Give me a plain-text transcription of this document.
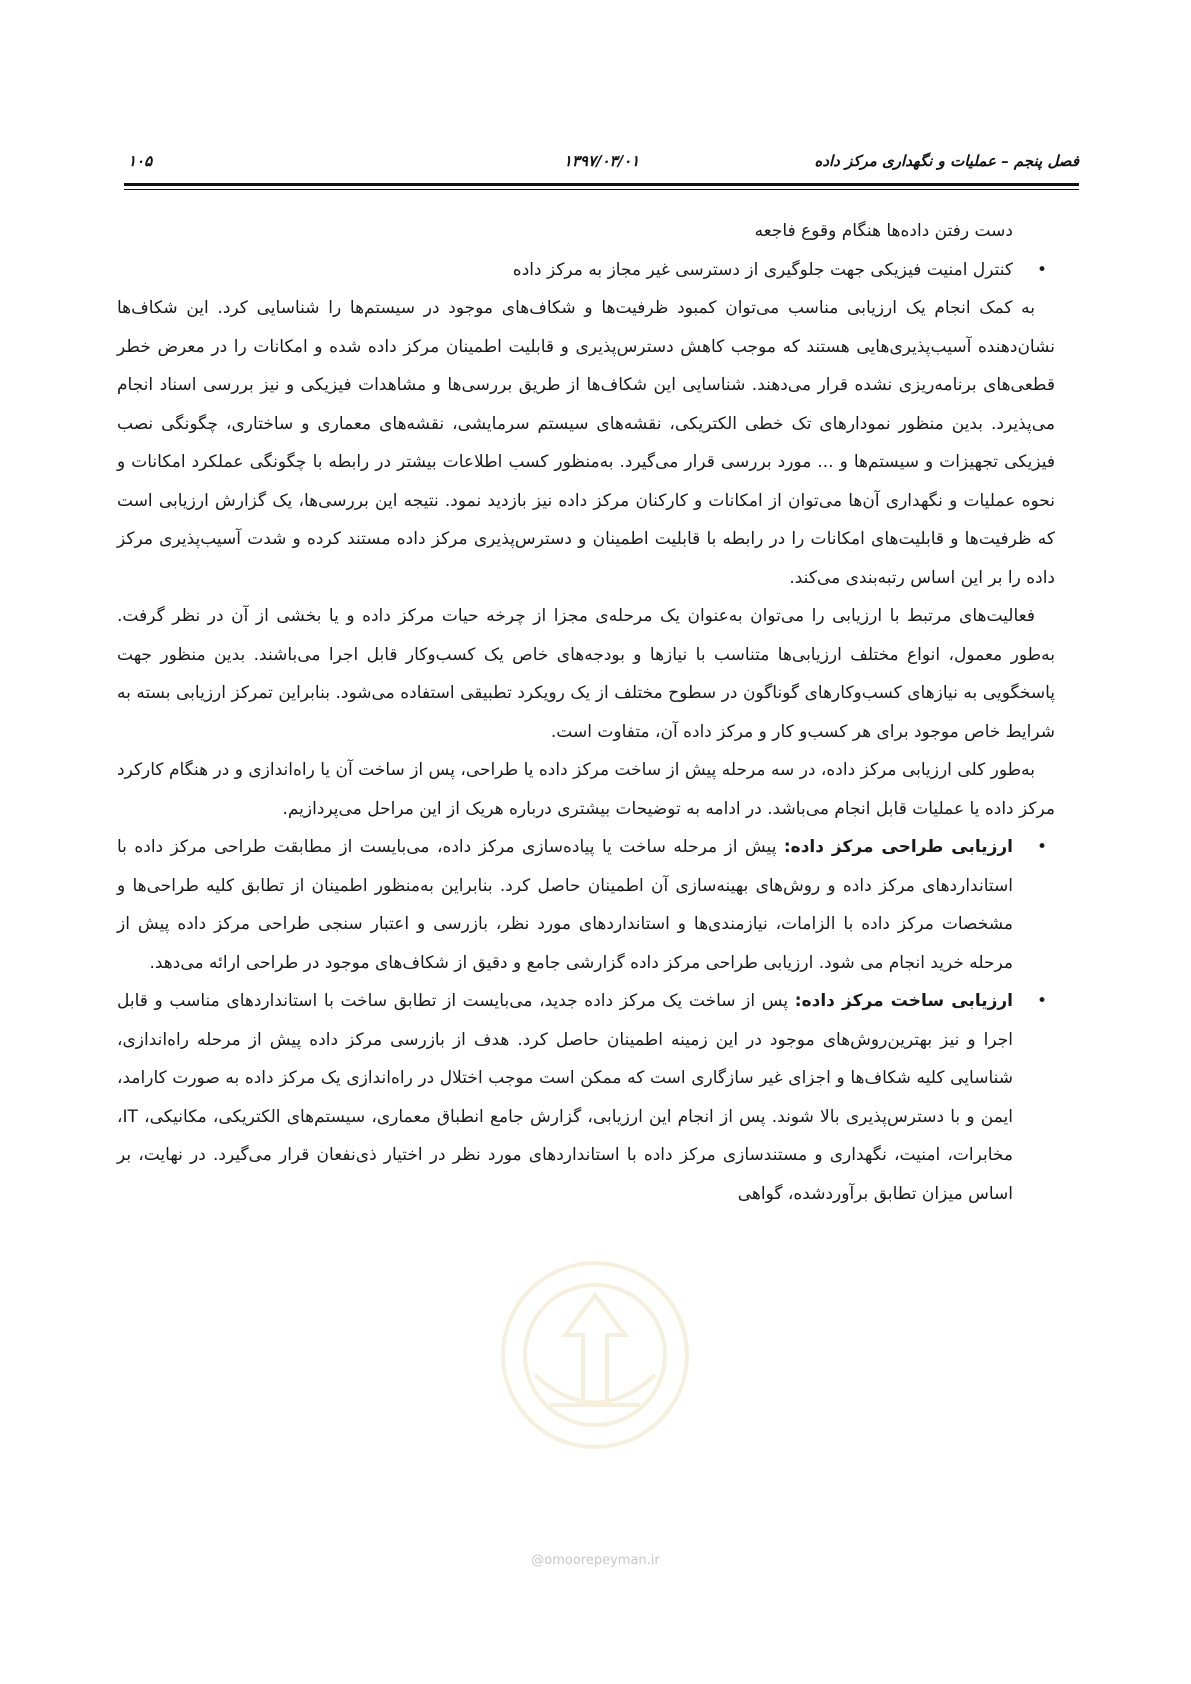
فصل پنجم – عملیات و نگهداری مرکز داده
۱۳۹۷/۰۳/۰۱
۱۰۵

دست رفتن داده‌ها هنگام وقوع فاجعه

• کنترل امنیت فیزیکی جهت جلوگیری از دسترسی غیر مجاز به مرکز داده

به کمک انجام یک ارزیابی مناسب می‌توان کمبود ظرفیت‌ها و شکاف‌های موجود در سیستم‌ها را شناسایی کرد. این شکاف‌ها نشان‌دهنده آسیب‌پذیری‌هایی هستند که موجب کاهش دسترس‌پذیری و قابلیت اطمینان مرکز داده شده و امکانات را در معرض خطر قطعی‌های برنامه‌ریزی نشده قرار می‌دهند. شناسایی این شکاف‌ها از طریق بررسی‌ها و مشاهدات فیزیکی و نیز بررسی اسناد انجام می‌پذیرد. بدین منظور نمودارهای تک خطی الکتریکی، نقشه‌های سیستم سرمایشی، نقشه‌های معماری و ساختاری، چگونگی نصب فیزیکی تجهیزات و سیستم‌ها و ... مورد بررسی قرار می‌گیرد. به‌منظور کسب اطلاعات بیشتر در رابطه با چگونگی عملکرد امکانات و نحوه عملیات و نگهداری آن‌ها می‌توان از امکانات و کارکنان مرکز داده نیز بازدید نمود. نتیجه این بررسی‌ها، یک گزارش ارزیابی است که ظرفیت‌ها و قابلیت‌های امکانات را در رابطه با قابلیت اطمینان و دسترس‌پذیری مرکز داده مستند کرده و شدت آسیب‌پذیری مرکز داده را بر این اساس رتبه‌بندی می‌کند.

فعالیت‌های مرتبط با ارزیابی را می‌توان به‌عنوان یک مرحله‌ی مجزا از چرخه حیات مرکز داده و یا بخشی از آن در نظر گرفت. به‌طور معمول، انواع مختلف ارزیابی‌ها متناسب با نیازها و بودجه‌های خاص یک کسب‌وکار قابل اجرا می‌باشند. بدین منظور جهت پاسخگویی به نیازهای کسب‌وکارهای گوناگون در سطوح مختلف از یک رویکرد تطبیقی استفاده می‌شود. بنابراین تمرکز ارزیابی بسته به شرایط خاص موجود برای هر کسب‌و کار و مرکز داده آن، متفاوت است.

به‌طور کلی ارزیابی مرکز داده، در سه مرحله پیش از ساخت مرکز داده یا طراحی، پس از ساخت آن یا راه‌اندازی و در هنگام کارکرد مرکز داده یا عملیات قابل انجام می‌باشد. در ادامه به توضیحات بیشتری درباره هریک از این مراحل می‌پردازیم.

• ارزیابی طراحی مرکز داده: پیش از مرحله ساخت یا پیاده‌سازی مرکز داده، می‌بایست از مطابقت طراحی مرکز داده با استانداردهای مرکز داده و روش‌های بهینه‌سازی آن اطمینان حاصل کرد. بنابراین به‌منظور اطمینان از تطابق کلیه طراحی‌ها و مشخصات مرکز داده با الزامات، نیازمندی‌ها و استانداردهای مورد نظر، بازرسی و اعتبار سنجی طراحی مرکز داده پیش از مرحله خرید انجام می شود. ارزیابی طراحی مرکز داده گزارشی جامع و دقیق از شکاف‌های موجود در طراحی ارائه می‌دهد.
• ارزیابی ساخت مرکز داده: پس از ساخت یک مرکز داده جدید، می‌بایست از تطابق ساخت با استانداردهای مناسب و قابل اجرا و نیز بهترین‌روش‌های موجود در این زمینه اطمینان حاصل کرد. هدف از بازرسی مرکز داده پیش از مرحله راه‌اندازی، شناسایی کلیه شکاف‌ها و اجزای غیر سازگاری است که ممکن است موجب اختلال در راه‌اندازی یک مرکز داده به صورت کارامد، ایمن و با دسترس‌پذیری بالا شوند. پس از انجام این ارزیابی، گزارش جامع انطباق معماری، سیستم‌های الکتریکی، مکانیکی، IT، مخابرات، امنیت، نگهداری و مستندسازی مرکز داده با استانداردهای مورد نظر در اختیار ذی‌نفعان قرار می‌گیرد. در نهایت، بر اساس میزان تطابق برآوردشده، گواهی
@omoorepeyman.ir
